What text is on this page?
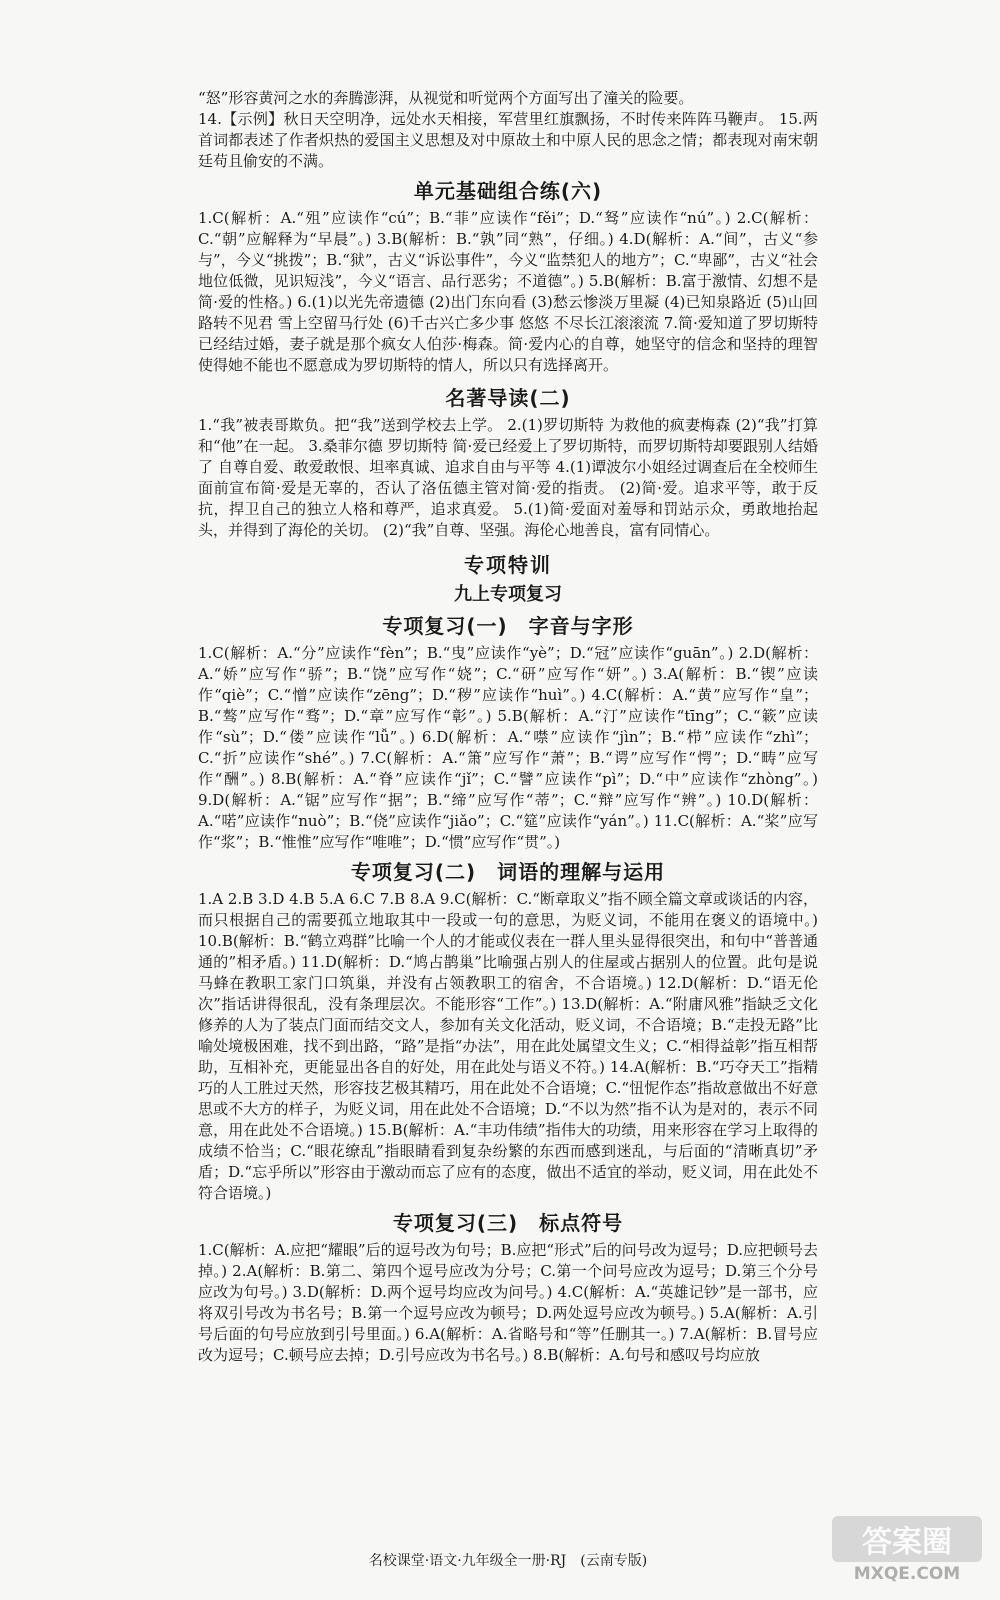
“怒”形容黄河之水的奔腾澎湃，从视觉和听觉两个方面写出了潼关的险要。

14.【示例】秋日天空明净，远处水天相接，军营里红旗飘扬，不时传来阵阵马鞭声。 15.两首词都表述了作者炽热的爱国主义思想及对中原故土和中原人民的思念之情；都表现对南宋朝廷苟且偷安的不满。

单元基础组合练(六)

1.C(解析：A.“殂”应读作“cú”；B.“菲”应读作“fěi”；D.“驽”应读作“nú”。) 2.C(解析：C.“朝”应解释为“早晨”。) 3.B(解析：B.“孰”同“熟”，仔细。) 4.D(解析：A.“间”，古义“参与”，今义“挑拨”；B.“狱”，古义“诉讼事件”，今义“监禁犯人的地方”；C.“卑鄙”，古义“社会地位低微，见识短浅”，今义“语言、品行恶劣；不道德”。) 5.B(解析：B.富于激情、幻想不是简·爱的性格。) 6.(1)以光先帝遗德 (2)出门东向看 (3)愁云惨淡万里凝 (4)已知泉路近 (5)山回路转不见君 雪上空留马行处 (6)千古兴亡多少事 悠悠 不尽长江滚滚流 7.简·爱知道了罗切斯特已经结过婚，妻子就是那个疯女人伯莎·梅森。简·爱内心的自尊，她坚守的信念和坚持的理智使得她不能也不愿意成为罗切斯特的情人，所以只有选择离开。

名著导读(二)

1.“我”被表哥欺负。把“我”送到学校去上学。 2.(1)罗切斯特 为救他的疯妻梅森 (2)“我”打算和“他”在一起。 3.桑菲尔德 罗切斯特 简·爱已经爱上了罗切斯特，而罗切斯特却要跟别人结婚了 自尊自爱、敢爱敢恨、坦率真诚、追求自由与平等 4.(1)谭波尔小姐经过调查后在全校师生面前宣布简·爱是无辜的，否认了洛伍德主管对简·爱的指责。 (2)简·爱。追求平等，敢于反抗，捍卫自己的独立人格和尊严，追求真爱。 5.(1)简·爱面对羞辱和罚站示众，勇敢地抬起头，并得到了海伦的关切。 (2)“我”自尊、坚强。海伦心地善良，富有同情心。

专项特训
九上专项复习
专项复习(一)　字音与字形

1.C(解析：A.“分”应读作“fèn”；B.“曳”应读作“yè”；D.“冠”应读作“guān”。) 2.D(解析：A.“娇”应写作“骄”；B.“饶”应写作“娆”；C.“研”应写作“妍”。) 3.A(解析：B.“锲”应读作“qiè”；C.“憎”应读作“zēng”；D.“秽”应读作“huì”。) 4.C(解析：A.“黄”应写作“皇”；B.“骜”应写作“骛”；D.“章”应写作“彰”。) 5.B(解析：A.“汀”应读作“tīng”；C.“簌”应读作“sù”；D.“偻”应读作“lǚ”。) 6.D(解析：A.“噤”应读作“jìn”；B.“栉”应读作“zhì”；C.“折”应读作“shé”。) 7.C(解析：A.“箫”应写作“萧”；B.“谔”应写作“愕”；D.“畴”应写作“酬”。) 8.B(解析：A.“脊”应读作“jǐ”；C.“譬”应读作“pì”；D.“中”应读作“zhòng”。) 9.D(解析：A.“锯”应写作“据”；B.“缔”应写作“蒂”；C.“辩”应写作“辨”。) 10.D(解析：A.“喏”应读作“nuò”；B.“侥”应读作“jiǎo”；C.“筵”应读作“yán”。) 11.C(解析：A.“桨”应写作“浆”；B.“惟惟”应写作“唯唯”；D.“惯”应写作“贯”。)

专项复习(二)　词语的理解与运用

1.A 2.B 3.D 4.B 5.A 6.C 7.B 8.A 9.C(解析：C.“断章取义”指不顾全篇文章或谈话的内容，而只根据自己的需要孤立地取其中一段或一句的意思，为贬义词，不能用在褒义的语境中。) 10.B(解析：B.“鹤立鸡群”比喻一个人的才能或仪表在一群人里头显得很突出，和句中“普普通通的”相矛盾。) 11.D(解析：D.“鸠占鹊巢”比喻强占别人的住屋或占据别人的位置。此句是说马蜂在教职工家门口筑巢，并没有占领教职工的宿舍，不合语境。) 12.D(解析：D.“语无伦次”指话讲得很乱，没有条理层次。不能形容“工作”。) 13.D(解析：A.“附庸风雅”指缺乏文化修养的人为了装点门面而结交文人，参加有关文化活动，贬义词，不合语境；B.“走投无路”比喻处境极困难，找不到出路，“路”是指“办法”，用在此处属望文生义；C.“相得益彰”指互相帮助，互相补充，更能显出各自的好处，用在此处与语义不符。) 14.A(解析：B.“巧夺天工”指精巧的人工胜过天然，形容技艺极其精巧，用在此处不合语境；C.“忸怩作态”指故意做出不好意思或不大方的样子，为贬义词，用在此处不合语境；D.“不以为然”指不认为是对的，表示不同意，用在此处不合语境。) 15.B(解析：A.“丰功伟绩”指伟大的功绩，用来形容在学习上取得的成绩不恰当；C.“眼花缭乱”指眼睛看到复杂纷繁的东西而感到迷乱，与后面的“清晰真切”矛盾；D.“忘乎所以”形容由于激动而忘了应有的态度，做出不适宜的举动，贬义词，用在此处不符合语境。)

专项复习(三)　标点符号

1.C(解析：A.应把“耀眼”后的逗号改为句号；B.应把“形式”后的问号改为逗号；D.应把顿号去掉。) 2.A(解析：B.第二、第四个逗号应改为分号；C.第一个问号应改为逗号；D.第三个分号应改为句号。) 3.D(解析：D.两个逗号均应改为问号。) 4.C(解析：A.“英雄记钞”是一部书，应将双引号改为书名号；B.第一个逗号应改为顿号；D.两处逗号应改为顿号。) 5.A(解析：A.引号后面的句号应放到引号里面。) 6.A(解析：A.省略号和“等”任删其一。) 7.A(解析：B.冒号应改为逗号；C.顿号应去掉；D.引号应改为书名号。) 8.B(解析：A.句号和感叹号均应放

名校课堂·语文·九年级全一册·RJ　(云南专版)
答案圈
MXQE.COM
